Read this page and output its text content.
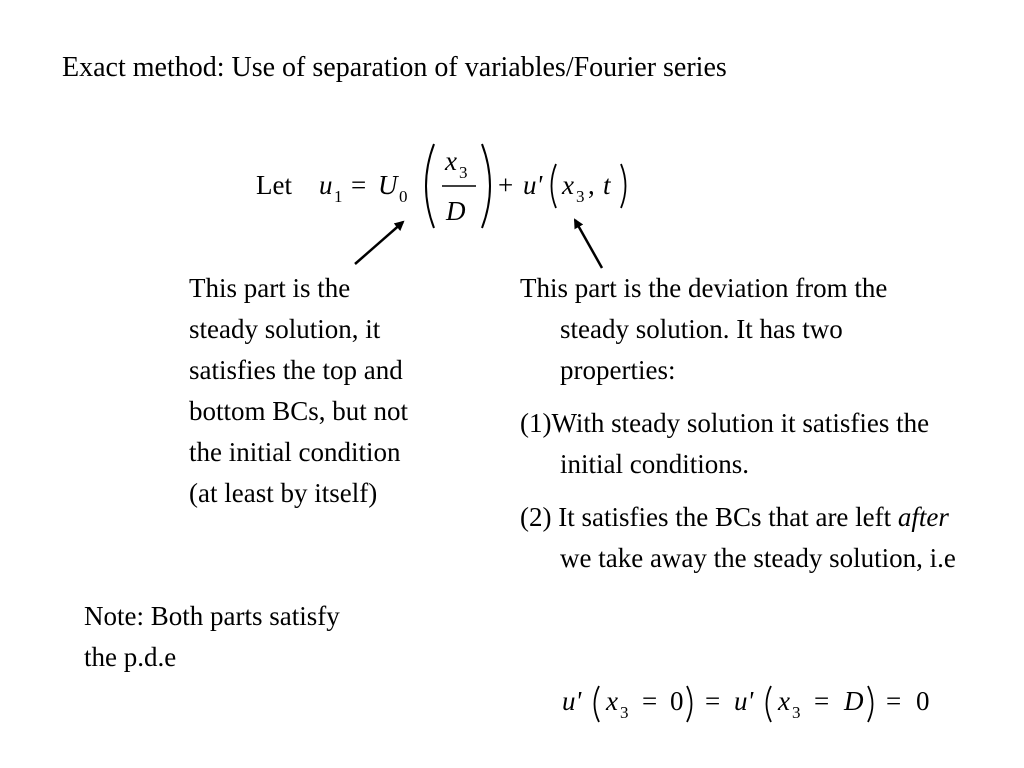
Exact method: Use of separation of variables/Fourier series
Let u 1 = U 0
x 3
D
+ u' x 3 , t
This part is the
steady solution, it
satisfies the top and
bottom BCs, but not
the initial condition
(at least by itself)

This part is the deviation from the steady solution. It has two properties:

(1)With steady solution it satisfies the initial conditions.

(2) It satisfies the BCs that are left after we take away the steady solution, i.e

Note: Both parts satisfy
the p.d.e
u' x 3 = 0 = u' x 3 = D = 0
